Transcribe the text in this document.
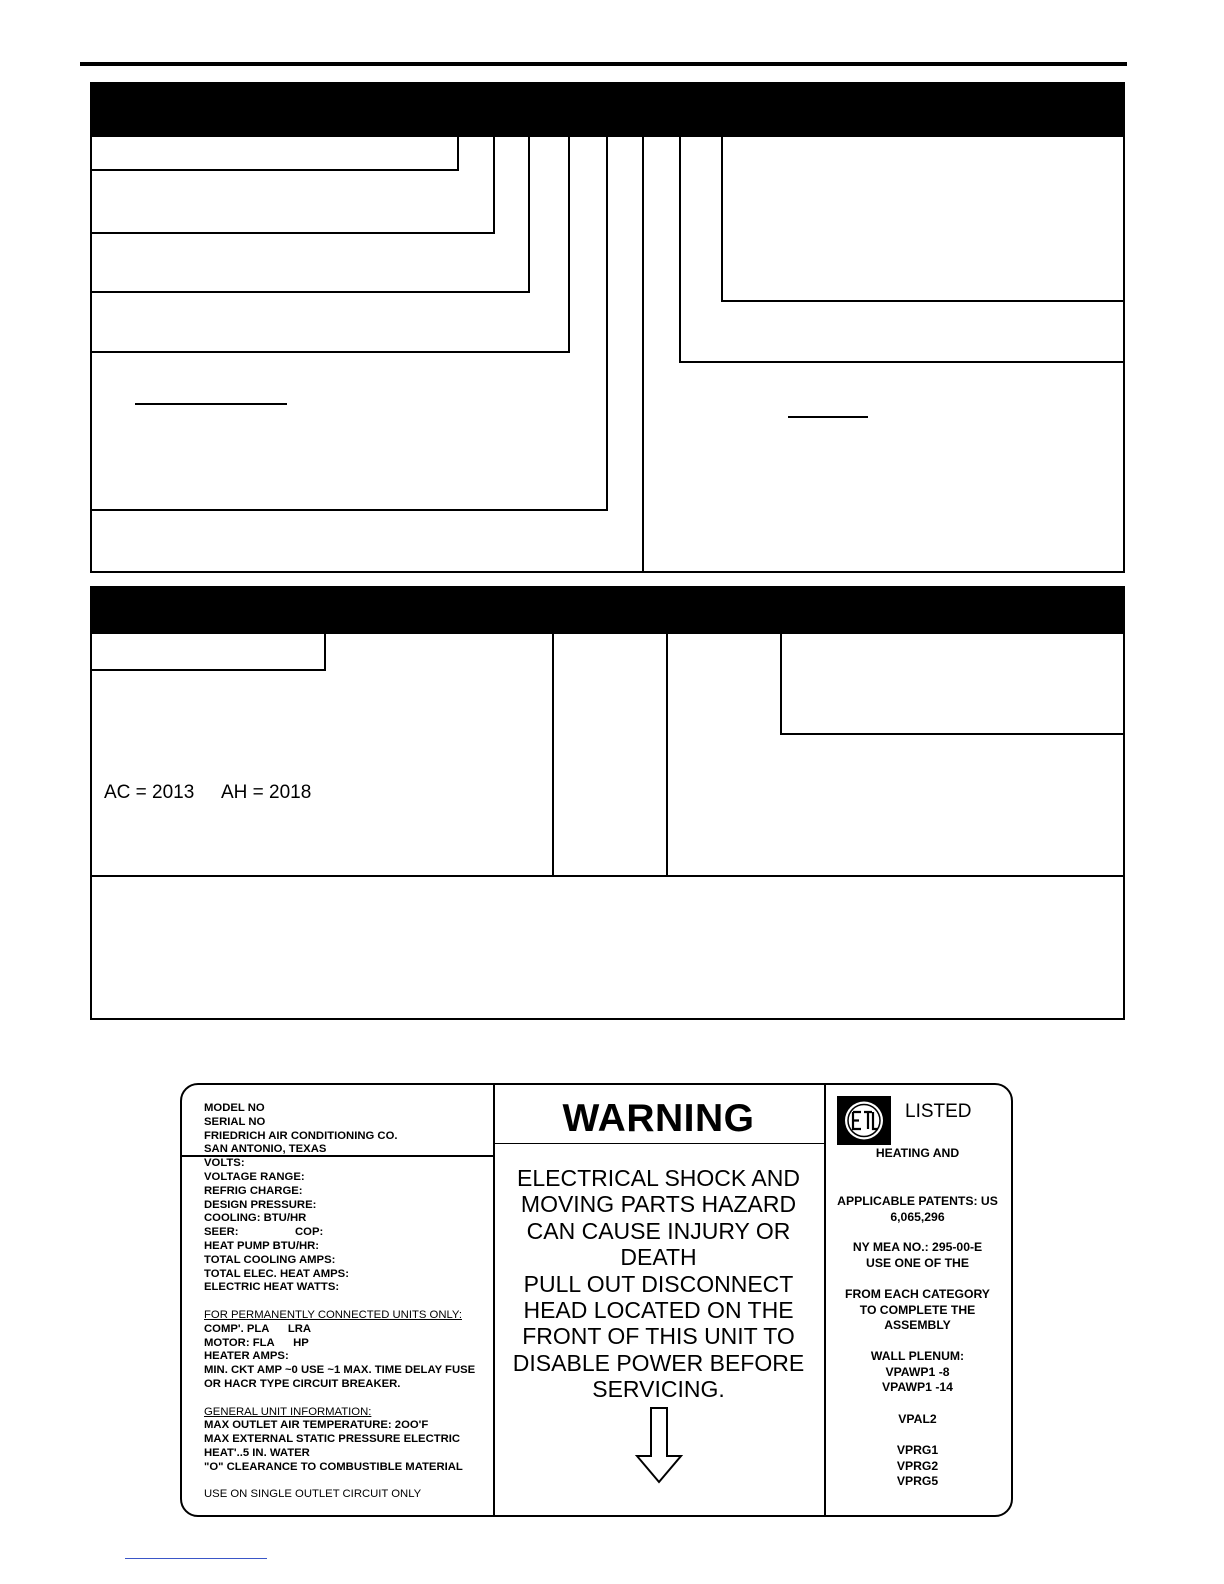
AC = 2013 AH = 2018
MODEL NO
SERIAL NO
FRIEDRICH AIR CONDITIONING CO.
SAN ANTONIO, TEXAS
VOLTS:
VOLTAGE RANGE:
REFRIG CHARGE:
DESIGN PRESSURE:
COOLING: BTU/HR
SEER:                  COP:
HEAT PUMP BTU/HR:
TOTAL COOLING AMPS:
TOTAL ELEC. HEAT AMPS:
ELECTRIC HEAT WATTS:

FOR PERMANENTLY CONNECTED UNITS ONLY:
COMP'. PLA      LRA
MOTOR: FLA      HP
HEATER AMPS:
MIN. CKT AMP ~0 USE ~1 MAX. TIME DELAY FUSE
OR HACR TYPE CIRCUIT BREAKER.

GENERAL UNIT INFORMATION:
MAX OUTLET AIR TEMPERATURE: 2OO'F
MAX EXTERNAL STATIC PRESSURE ELECTRIC
HEAT'..5 IN. WATER
"O" CLEARANCE TO COMBUSTIBLE MATERIAL

USE ON SINGLE OUTLET CIRCUIT ONLY
WARNING
ELECTRICAL SHOCK AND
MOVING PARTS HAZARD
CAN CAUSE INJURY OR
DEATH
PULL OUT DISCONNECT
HEAD LOCATED ON THE
FRONT OF THIS UNIT TO
DISABLE POWER BEFORE
SERVICING.
LISTED
HEATING AND
APPLICABLE PATENTS: US
6,065,296
NY MEA NO.: 295-00-E
USE ONE OF THE
FROM EACH CATEGORY
TO COMPLETE THE
ASSEMBLY
WALL PLENUM:
VPAWP1 -8
VPAWP1 -14
VPAL2
VPRG1
VPRG2
VPRG5
